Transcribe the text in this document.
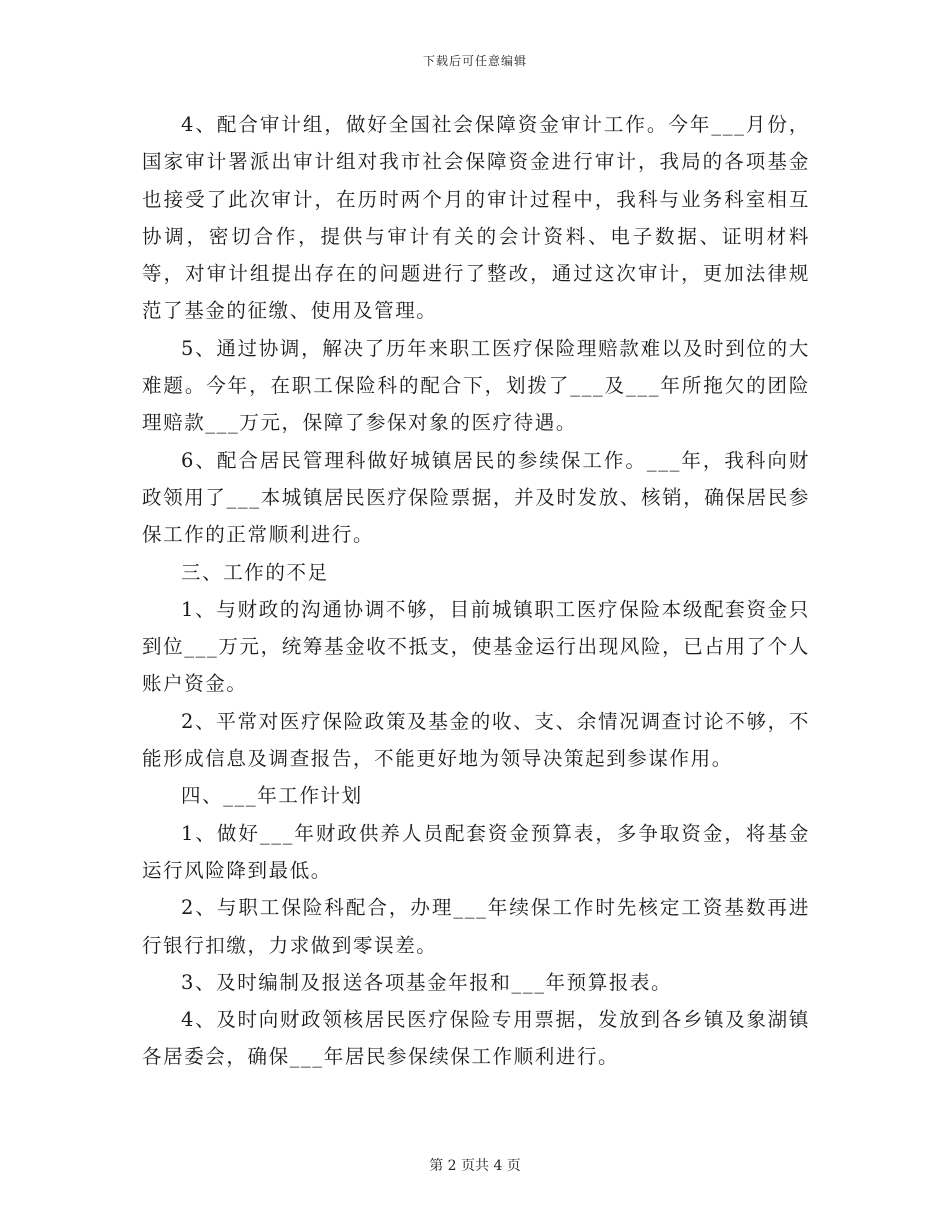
下载后可任意编辑

4、配合审计组，做好全国社会保障资金审计工作。今年___月份，国家审计署派出审计组对我市社会保障资金进行审计，我局的各项基金也接受了此次审计，在历时两个月的审计过程中，我科与业务科室相互协调，密切合作，提供与审计有关的会计资料、电子数据、证明材料等，对审计组提出存在的问题进行了整改，通过这次审计，更加法律规范了基金的征缴、使用及管理。

5、通过协调，解决了历年来职工医疗保险理赔款难以及时到位的大难题。今年，在职工保险科的配合下，划拨了___及___年所拖欠的团险理赔款___万元，保障了参保对象的医疗待遇。

6、配合居民管理科做好城镇居民的参续保工作。___年，我科向财政领用了___本城镇居民医疗保险票据，并及时发放、核销，确保居民参保工作的正常顺利进行。

三、工作的不足

1、与财政的沟通协调不够，目前城镇职工医疗保险本级配套资金只到位___万元，统筹基金收不抵支，使基金运行出现风险，已占用了个人账户资金。

2、平常对医疗保险政策及基金的收、支、余情况调查讨论不够，不能形成信息及调查报告，不能更好地为领导决策起到参谋作用。

四、___年工作计划

1、做好___年财政供养人员配套资金预算表，多争取资金，将基金运行风险降到最低。

2、与职工保险科配合，办理___年续保工作时先核定工资基数再进行银行扣缴，力求做到零误差。

3、及时编制及报送各项基金年报和___年预算报表。

4、及时向财政领核居民医疗保险专用票据，发放到各乡镇及象湖镇各居委会，确保___年居民参保续保工作顺利进行。

第 2 页共 4 页
